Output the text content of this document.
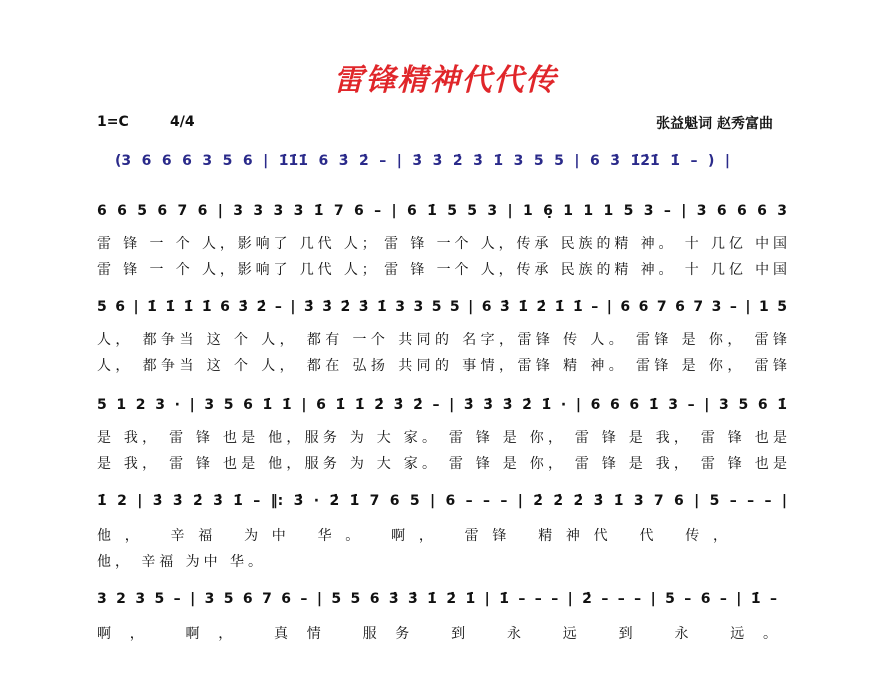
雷锋精神代代传
1=C	4/4	张益魁词 赵秀富曲
(3 6 6 6 3 5 6 | 1̇1̇1̇ 6 3̇ 2̇ – | 3̇ 3̇ 2̇ 3̇ 1̇ 3 5 5 | 6 3̇ 1̇2̇1̇ 1̇ – ) |
6 6 5 6 7 6 | 3 3 3 3 1̇ 7 6 – | 6 1̇ 5 5 3 | 1 6̣ 1 1 1 5 3 – | 3 6 6 6 3
雷 锋 一 个 人，影响了 几代 人； 雷 锋 一个 人，传承 民族的精 神。 十 几亿 中国
雷 锋 一 个 人，影响了 几代 人； 雷 锋 一个 人，传承 民族的精 神。 十 几亿 中国
5 6 | 1̇ 1̇ 1̇ 1̇ 6 3̇ 2̇ – | 3̇ 3̇ 2̇ 3̇ 1̇ 3 3 5 5 | 6 3̇ 1̇ 2̇ 1̇ 1̇ – | 6 6 7 6 7 3 – | 1 5
人， 都争当 这 个 人， 都有 一个 共同的 名字，雷锋 传 人。 雷锋 是 你， 雷锋
人， 都争当 这 个 人， 都在 弘扬 共同的 事情，雷锋 精 神。 雷锋 是 你， 雷锋
5 1 2 3 · | 3 5 6 1̇ 1̇ | 6 1̇ 1̇ 2̇ 3̇ 2̇ – | 3̇ 3̇ 3̇ 2̇ 1̇ · | 6 6 6 1̇ 3 – | 3 5 6 1̇
是 我， 雷 锋 也是 他，服务 为 大 家。 雷 锋 是 你， 雷 锋 是 我， 雷 锋 也是
是 我， 雷 锋 也是 他，服务 为 大 家。 雷 锋 是 你， 雷 锋 是 我， 雷 锋 也是
1̇ 2 | 3̇ 3̇ 2̇ 3̇ 1̇ – ‖: 3̇ · 2̇ 1̇ 7 6 5 | 6 – – – | 2̇ 2̇ 2̇ 3̇ 1̇ 3 7 6 | 5 – – – |
他， 辛福 为中 华。 啊， 雷锋 精神代 代 传，
他， 辛福 为中 华。
3 2 3 5 – | 3 5 6 7 6 – | 5 5 6 3̇ 3̇ 1̇ 2̇ 1̇ | 1̇ – – – | 2̇ – – – | 5 – 6 – | 1̇ –
啊， 啊， 真情 服务 到 永 远 到 永 远。
